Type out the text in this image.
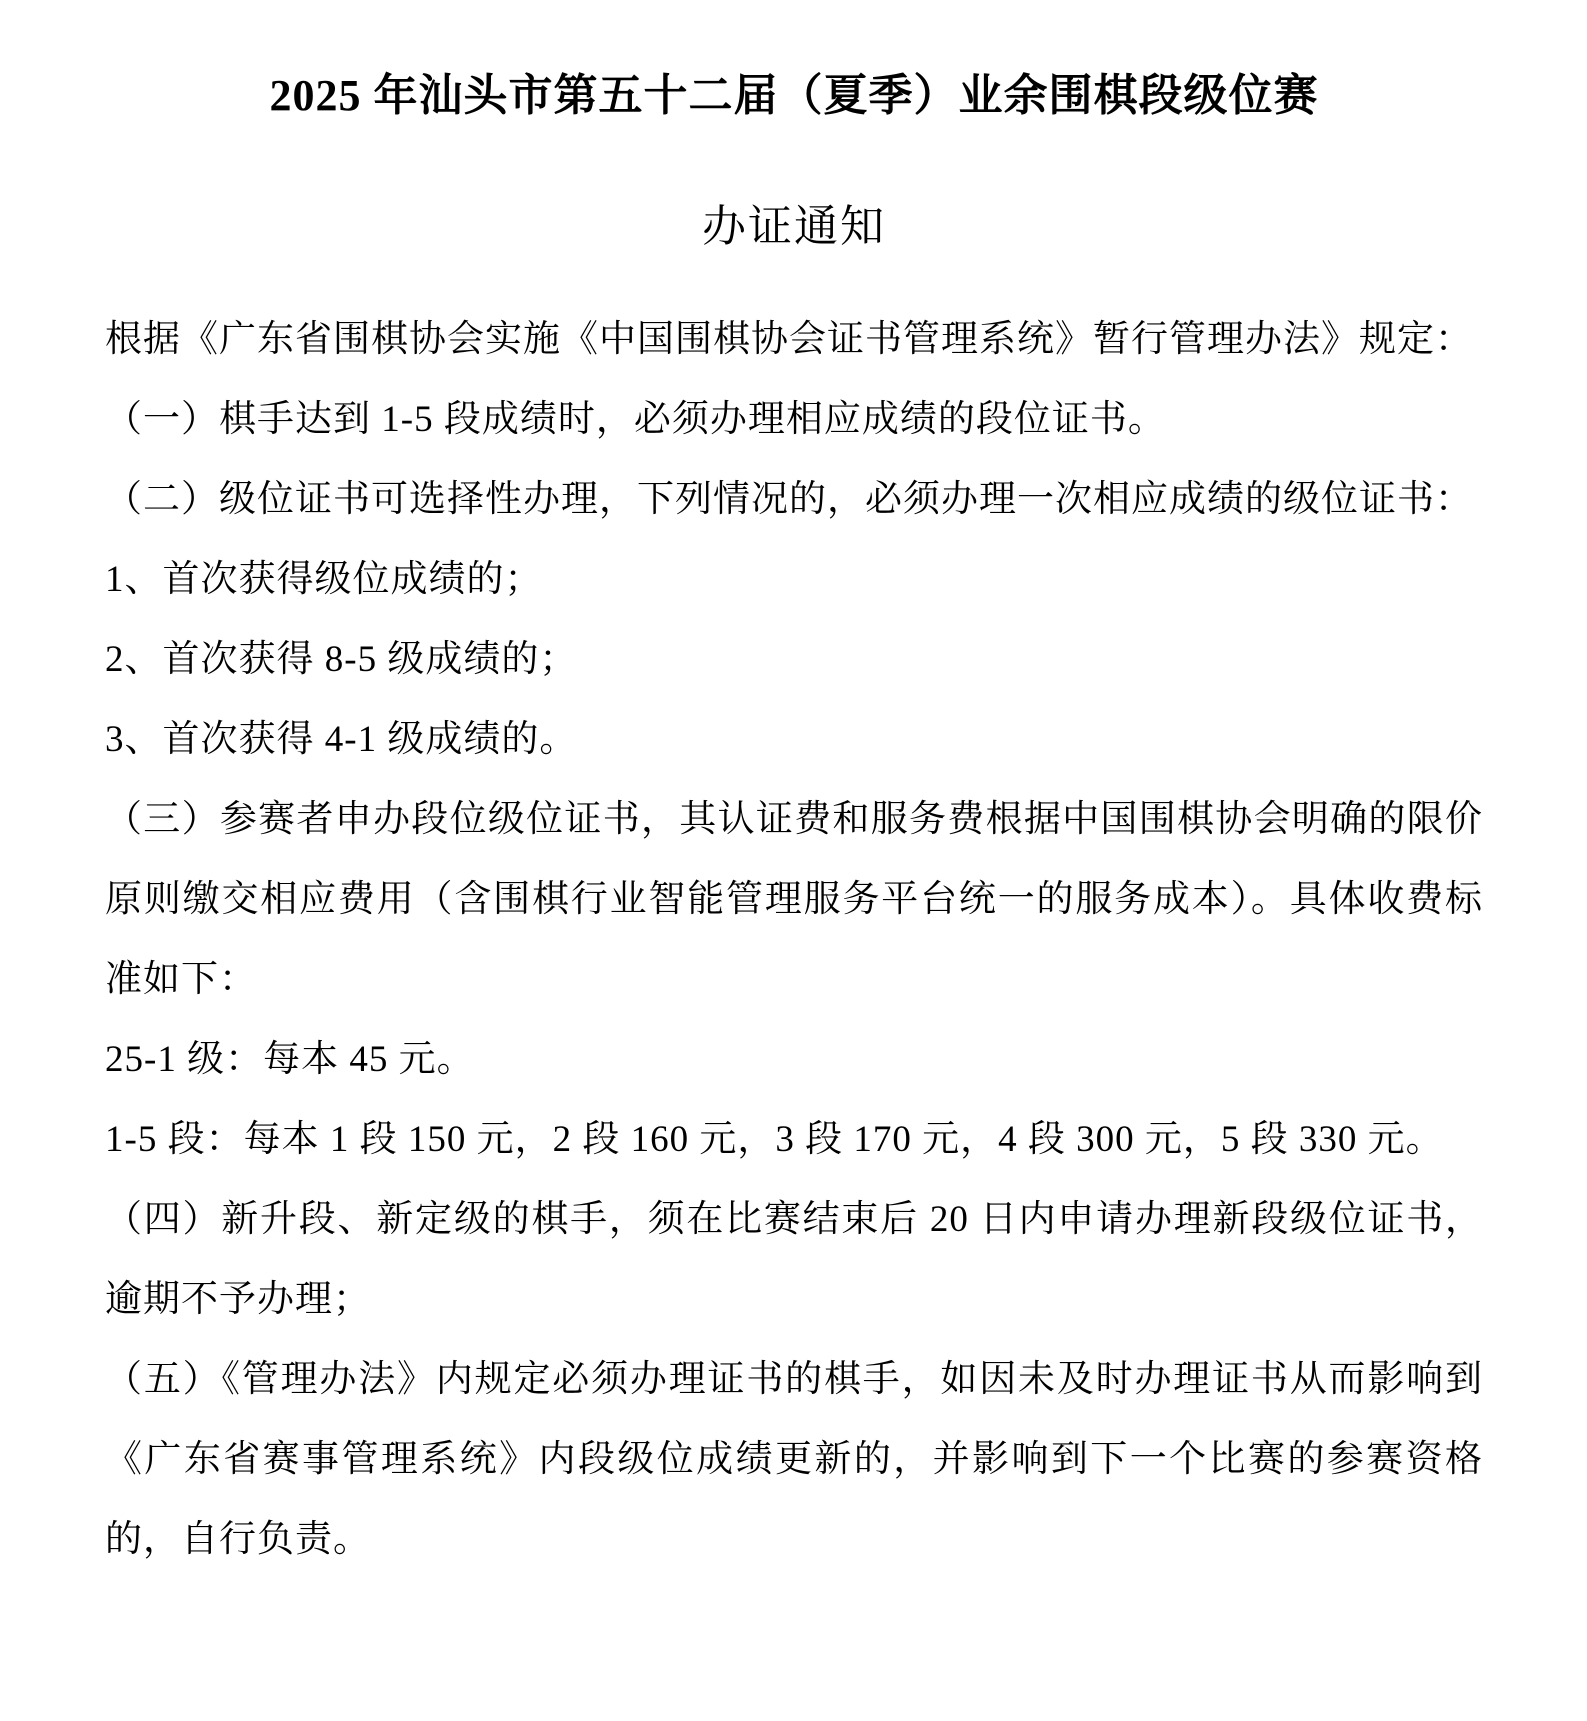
2025 年汕头市第五十二届（夏季）业余围棋段级位赛
办证通知

根据《广东省围棋协会实施《中国围棋协会证书管理系统》暂行管理办法》规定：

（一）棋手达到 1-5 段成绩时，必须办理相应成绩的段位证书。

（二）级位证书可选择性办理，下列情况的，必须办理一次相应成绩的级位证书：

1、首次获得级位成绩的；

2、首次获得 8-5 级成绩的；

3、首次获得 4-1 级成绩的。

（三）参赛者申办段位级位证书，其认证费和服务费根据中国围棋协会明确的限价原则缴交相应费用（含围棋行业智能管理服务平台统一的服务成本）。具体收费标准如下：

25-1 级：每本 45 元。

1-5 段：每本 1 段 150 元，2 段 160 元，3 段 170 元，4 段 300 元，5 段 330 元。

（四）新升段、新定级的棋手，须在比赛结束后 20 日内申请办理新段级位证书，逾期不予办理；

（五）《管理办法》内规定必须办理证书的棋手，如因未及时办理证书从而影响到《广东省赛事管理系统》内段级位成绩更新的，并影响到下一个比赛的参赛资格的，自行负责。
